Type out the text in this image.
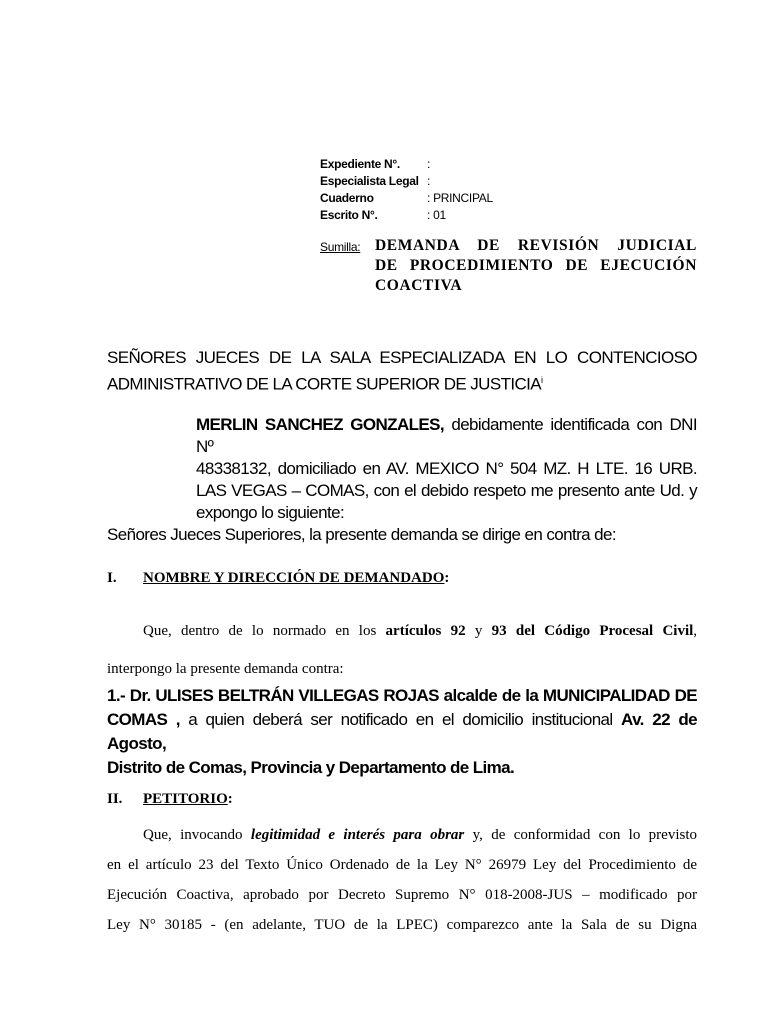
Expediente N°.	:
Especialista Legal :
Cuaderno	: PRINCIPAL
Escrito N°.	: 01
Sumilla: DEMANDA DE REVISIÓN JUDICIAL
DE PROCEDIMIENTO DE EJECUCIÓN
COACTIVA
SEÑORES JUECES DE LA SALA ESPECIALIZADA EN LO CONTENCIOSO
ADMINISTRATIVO DE LA CORTE SUPERIOR DE JUSTICIA$^i$
MERLIN SANCHEZ GONZALES, debidamente identificada con DNI Nº
48338132, domiciliado en AV. MEXICO N° 504 MZ. H LTE. 16 URB.
LAS VEGAS – COMAS, con el debido respeto me presento ante Ud. y
expongo lo siguiente:
Señores Jueces Superiores, la presente demanda se dirige en contra de:
I. NOMBRE Y DIRECCIÓN DE DEMANDADO:
Que, dentro de lo normado en los artículos 92 y 93 del Código Procesal Civil,
interpongo la presente demanda contra:
1.- Dr. ULISES BELTRÁN VILLEGAS ROJAS alcalde de la MUNICIPALIDAD DE
COMAS , a quien deberá ser notificado en el domicilio institucional Av. 22 de Agosto,
Distrito de Comas, Provincia y Departamento de Lima.
II. PETITORIO:
Que, invocando legitimidad e interés para obrar y, de conformidad con lo previsto
en el artículo 23 del Texto Único Ordenado de la Ley N° 26979 Ley del Procedimiento de
Ejecución Coactiva, aprobado por Decreto Supremo N° 018-2008-JUS – modificado por
Ley N° 30185 - (en adelante, TUO de la LPEC) comparezco ante la Sala de su Digna
